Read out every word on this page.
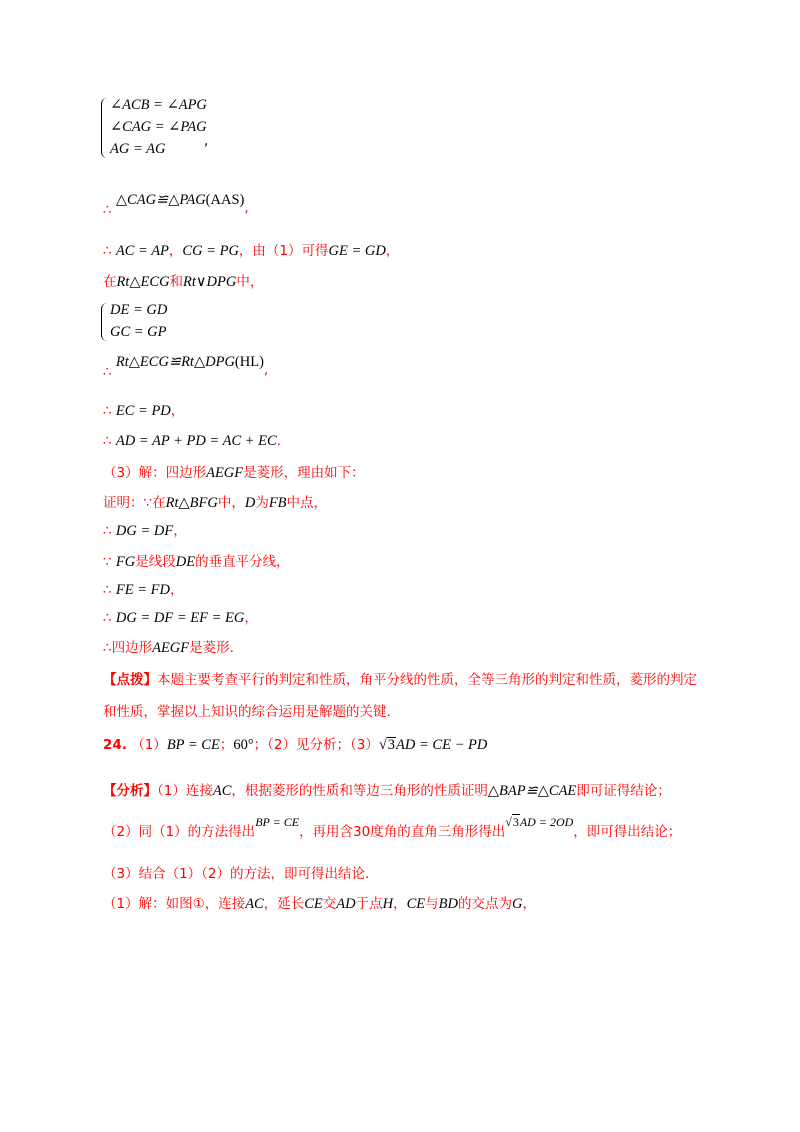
∠ACB = ∠APG
∠CAG = ∠PAG
AG = AG	,
∴ △CAG≌△PAG(AAS),
∴ AC = AP，CG = PG，由（1）可得GE = GD，
在Rt△ECG和Rt∨DPG中，
DE = GD
GC = GP
∴ Rt△ECG≌Rt△DPG(HL),
∴ EC = PD，
∴ AD = AP + PD = AC + EC.
（3）解：四边形AEGF是菱形，理由如下：
证明：∵在Rt△BFG中，D为FB中点，
∴ DG = DF，
∵ FG是线段DE的垂直平分线，
∴ FE = FD，
∴ DG = DF = EF = EG，
∴四边形AEGF是菱形.
【点拨】本题主要考查平行的判定和性质，角平分线的性质，全等三角形的判定和性质，菱形的判定
和性质，掌握以上知识的综合运用是解题的关键.
24. （1）BP = CE；60°；（2）见分析；（3）√3AD = CE − PD
【分析】（1）连接AC，根据菱形的性质和等边三角形的性质证明△BAP≌△CAE即可证得结论；
（2）同（1）的方法得出BP = CE，再用含30度角的直角三角形得出√3AD = 2OD，即可得出结论；
（3）结合（1）（2）的方法，即可得出结论.
（1）解：如图①，连接AC，延长CE交AD于点H，CE与BD的交点为G，
